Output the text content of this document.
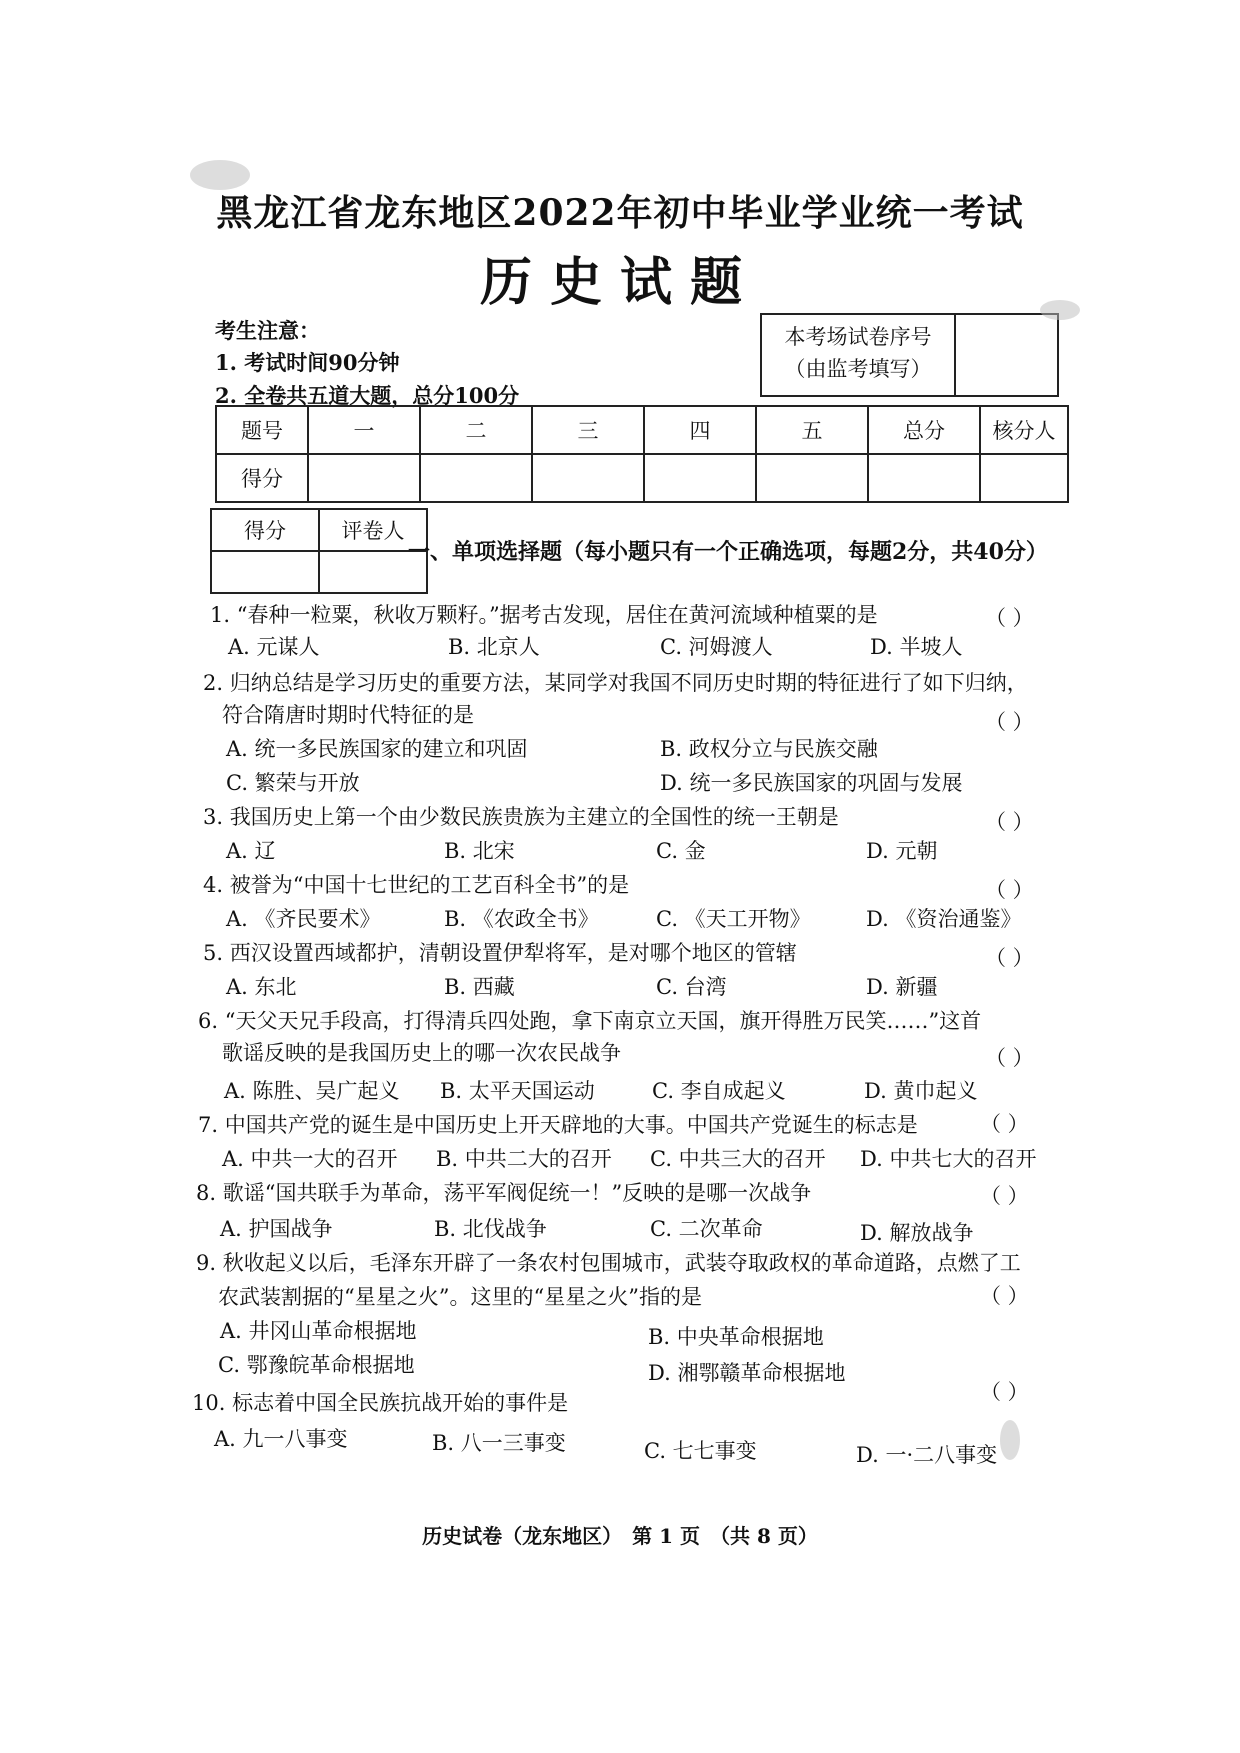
黑龙江省龙东地区2022年初中毕业学业统一考试
历史试题
考生注意：
1. 考试时间90分钟
2. 全卷共五道大题，总分100分
本考场试卷序号
（由监考填写）
题号	一	二	三	四	五	总分	核分人
得分							
得分	评卷人

一、单项选择题（每小题只有一个正确选项，每题2分，共40分）
1. “春种一粒粟，秋收万颗籽。”据考古发现，居住在黄河流域种植粟的是	（ ）
A. 元谋人	B. 北京人	C. 河姆渡人	D. 半坡人
2. 归纳总结是学习历史的重要方法，某同学对我国不同历史时期的特征进行了如下归纳，
符合隋唐时期时代特征的是	（ ）
A. 统一多民族国家的建立和巩固	B. 政权分立与民族交融
C. 繁荣与开放	D. 统一多民族国家的巩固与发展
3. 我国历史上第一个由少数民族贵族为主建立的全国性的统一王朝是	（ ）
A. 辽	B. 北宋	C. 金	D. 元朝
4. 被誉为“中国十七世纪的工艺百科全书”的是	（ ）
A. 《齐民要术》	B. 《农政全书》	C. 《天工开物》	D. 《资治通鉴》
5. 西汉设置西域都护，清朝设置伊犁将军，是对哪个地区的管辖	（ ）
A. 东北	B. 西藏	C. 台湾	D. 新疆
6. “天父天兄手段高，打得清兵四处跑，拿下南京立天国，旗开得胜万民笑……”这首
歌谣反映的是我国历史上的哪一次农民战争	（ ）
A. 陈胜、吴广起义 B. 太平天国运动	C. 李自成起义	D. 黄巾起义
7. 中国共产党的诞生是中国历史上开天辟地的大事。中国共产党诞生的标志是	（ ）
A. 中共一大的召开 B. 中共二大的召开 C. 中共三大的召开 D. 中共七大的召开
8. 歌谣“国共联手为革命，荡平军阀促统一！”反映的是哪一次战争	（ ）
A. 护国战争	B. 北伐战争	C. 二次革命	D. 解放战争
9. 秋收起义以后，毛泽东开辟了一条农村包围城市，武装夺取政权的革命道路，点燃了工
农武装割据的“星星之火”。这里的“星星之火”指的是	（ ）
A. 井冈山革命根据地	B. 中央革命根据地
C. 鄂豫皖革命根据地	D. 湘鄂赣革命根据地
10. 标志着中国全民族抗战开始的事件是	（ ）
A. 九一八事变	B. 八一三事变	C. 七七事变	D. 一·二八事变
历史试卷（龙东地区）　第 1 页　（共 8 页）
